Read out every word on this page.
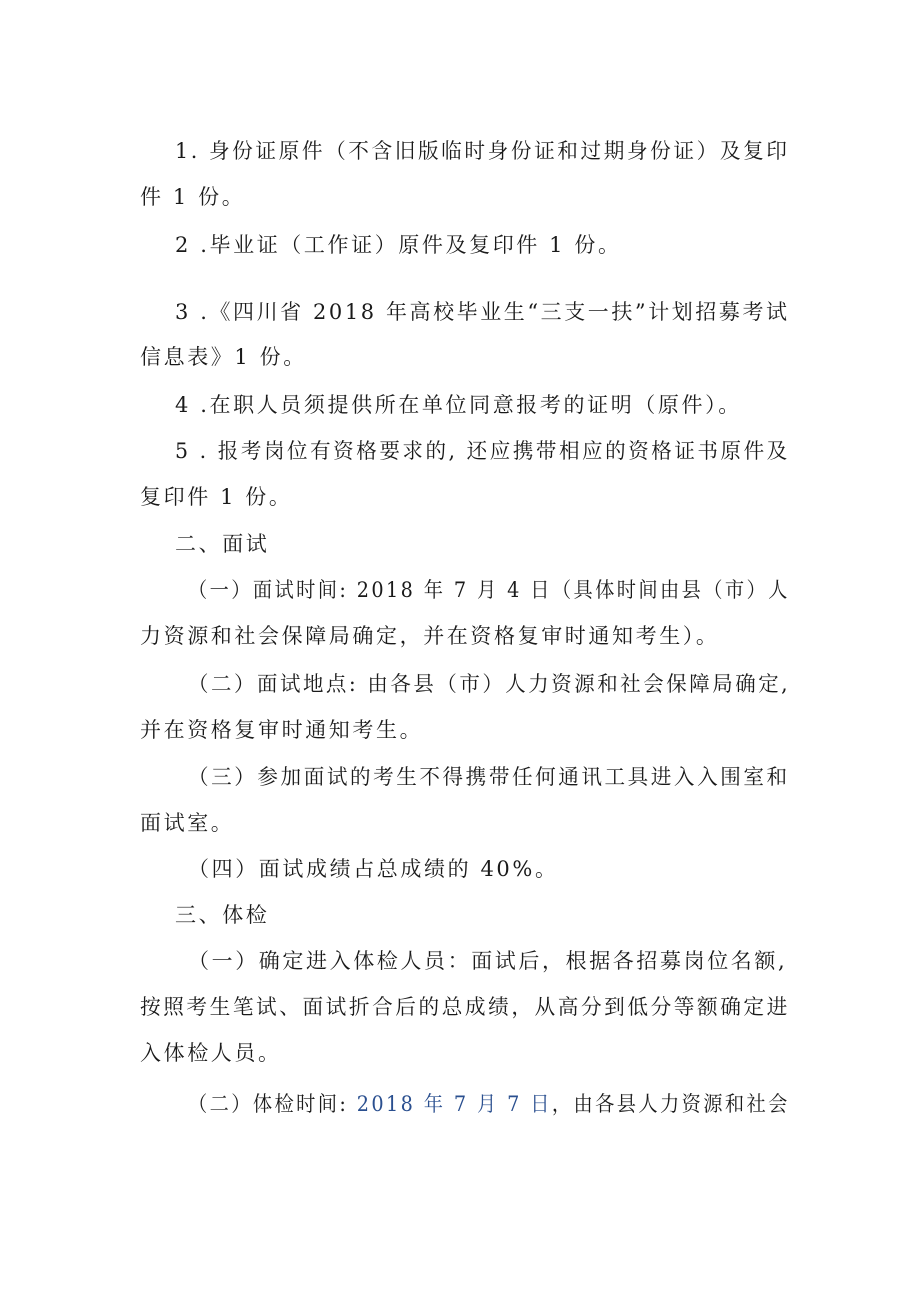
1. 身份证原件（不含旧版临时身份证和过期身份证）及复印
件 1 份。
2 .毕业证（工作证）原件及复印件 1 份。
3 .《四川省 2018 年高校毕业生“三支一扶”计划招募考试
信息表》1 份。
4 .在职人员须提供所在单位同意报考的证明（原件）。
5 . 报考岗位有资格要求的, 还应携带相应的资格证书原件及
复印件 1 份。
二、面试
（一）面试时间: 2018 年 7 月 4 日（具体时间由县（市）人
力资源和社会保障局确定，并在资格复审时通知考生）。
（二）面试地点: 由各县（市）人力资源和社会保障局确定,
并在资格复审时通知考生。
（三）参加面试的考生不得携带任何通讯工具进入入围室和
面试室。
（四）面试成绩占总成绩的 40%。
三、体检
（一）确定进入体检人员：面试后，根据各招募岗位名额,
按照考生笔试、面试折合后的总成绩，从高分到低分等额确定进
入体检人员。
（二）体检时间: 2018 年 7 月 7 日，由各县人力资源和社会
